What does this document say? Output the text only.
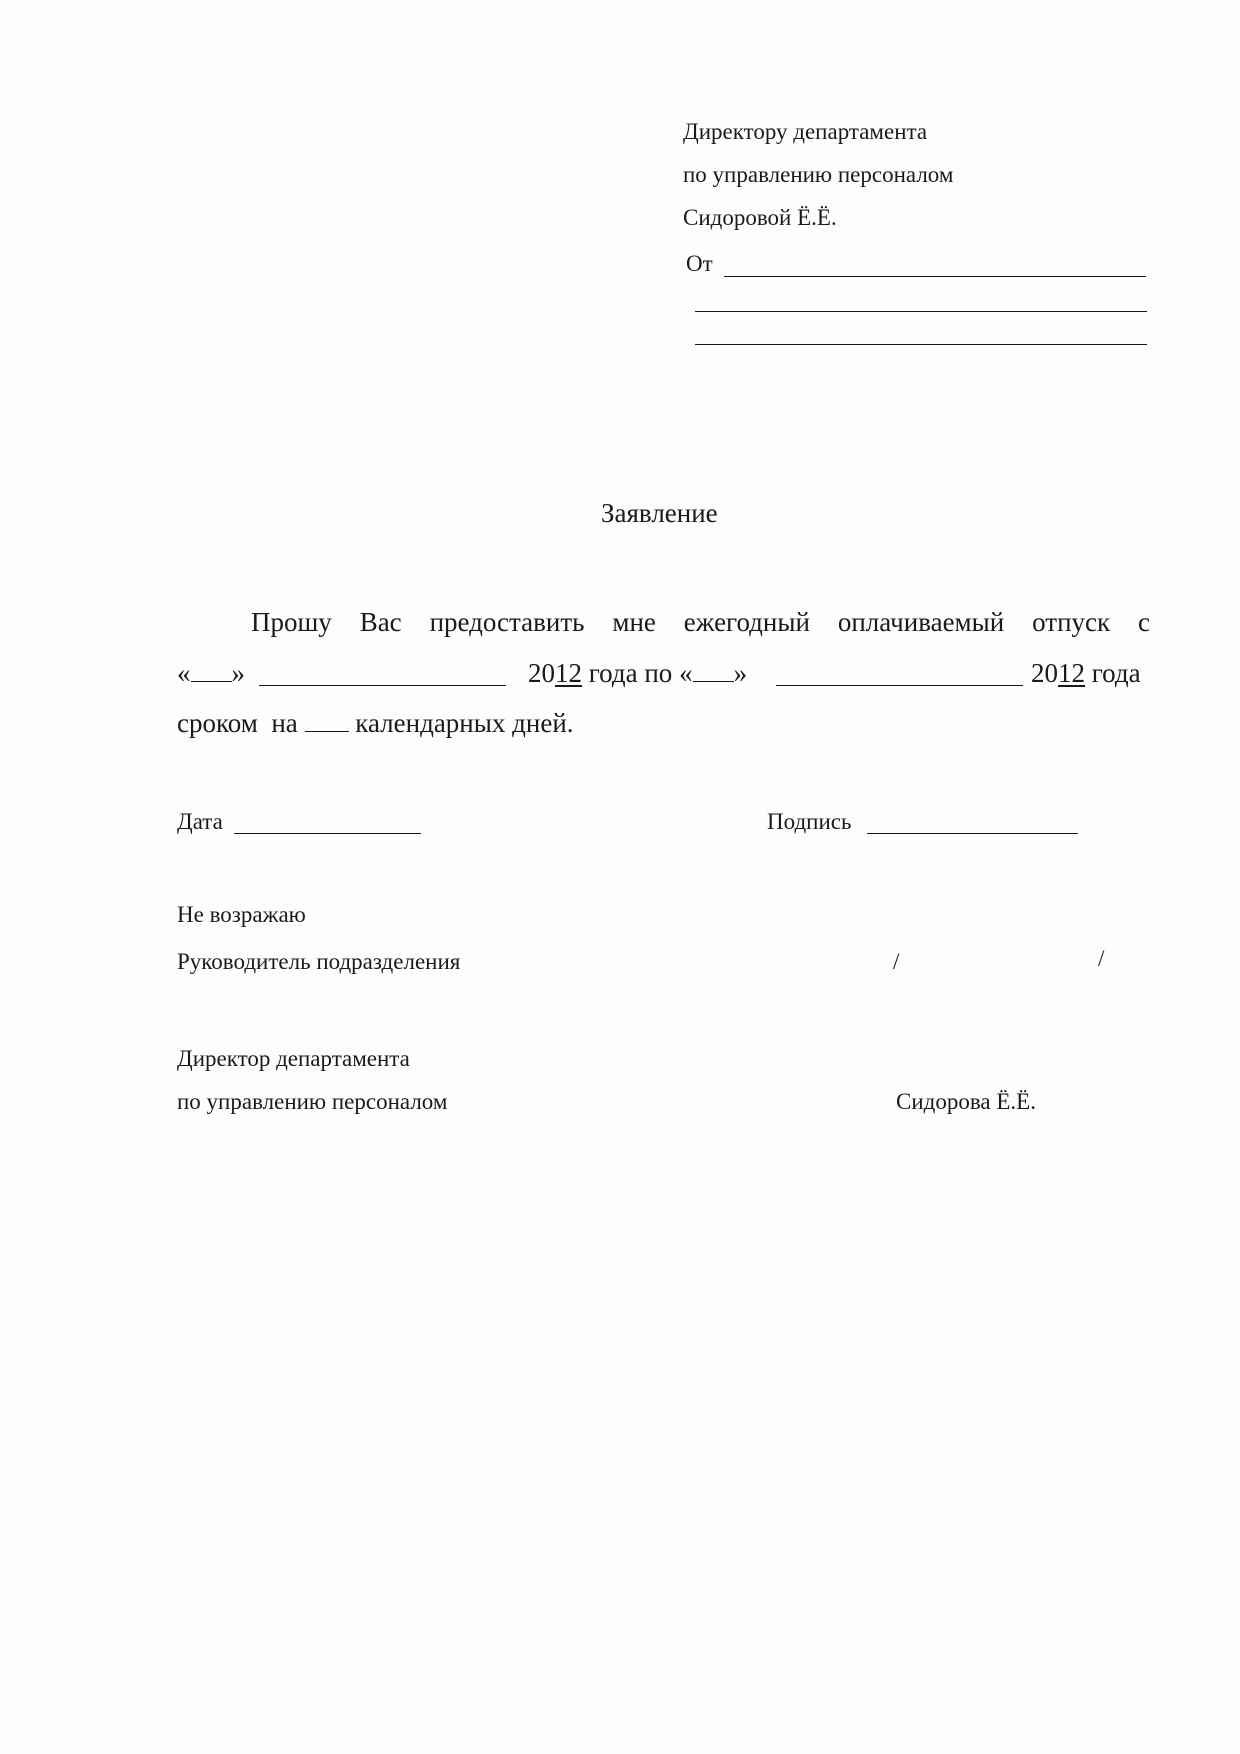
Директору департамента
по управлению персоналом
Сидоровой Ё.Ё.
От
Заявление
Прошу Вас предоставить мне ежегодный оплачиваемый отпуск с
« »	2012 года по « »	2012 года
сроком на календарных дней.
Дата	Подпись
Не возражаю
Руководитель подразделения	/	/
Директор департамента
по управлению персоналом	Сидорова Ё.Ё.
